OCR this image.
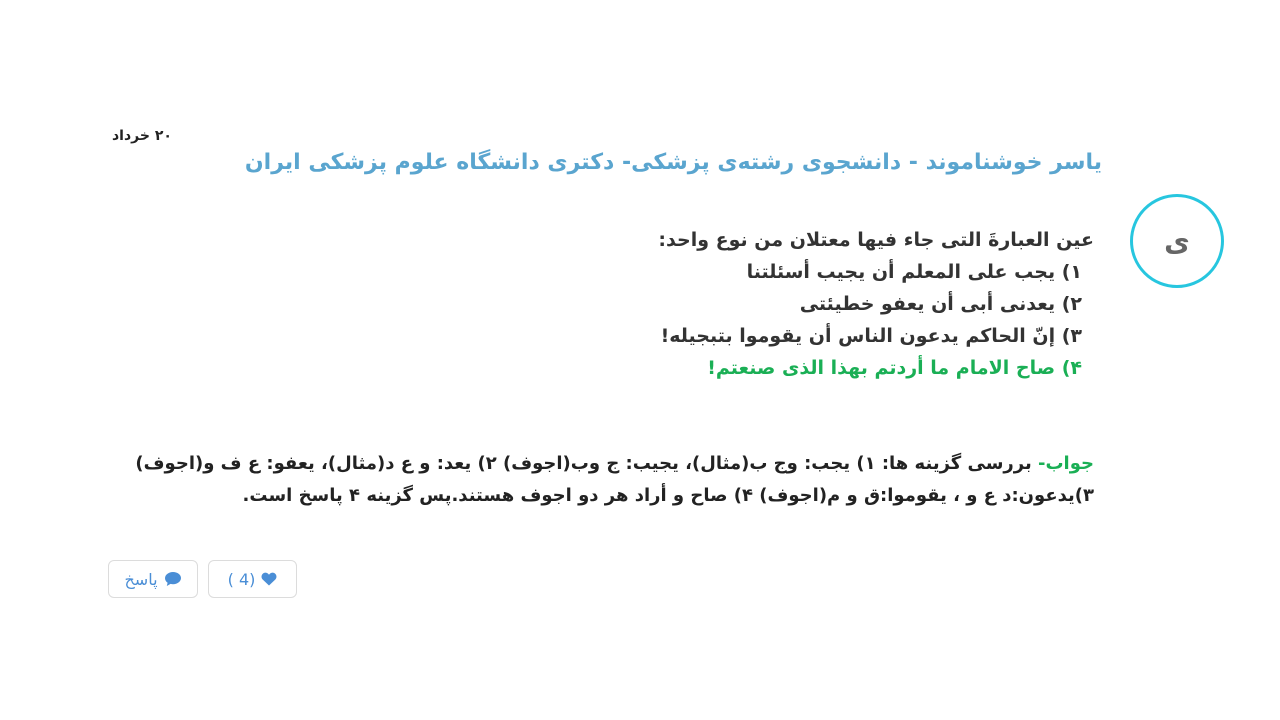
۲۰ خرداد
یاسر خوشناموند - دانشجوی رشته‌ی پزشکی- دکتری دانشگاه علوم پزشکی ایران
ی
عین العبارةَ التی جاء فیها معتلان من نوع واحد:
۱) یجب علی المعلم أن یجیب أسئلتنا
۲) یعدنی أبی أن یعفو خطیئتی
۳) إنّ الحاکم یدعون الناس أن یقوموا بتبجیله!
۴) صاح الامام ما أردتم بهذا الذی صنعتم!
جواب- بررسی گزینه ها: ۱) یجب: وج ب(مثال)، یجیب: ج وب(اجوف) ۲) یعد: و ع د(مثال)، یعفو: ع ف و(اجوف) ۳)یدعون:د ع و ، یقوموا:ق و م(اجوف) ۴) صاح و أراد هر دو اجوف هستند.پس گزینه ۴ پاسخ است.
پاسخ	( 4)
